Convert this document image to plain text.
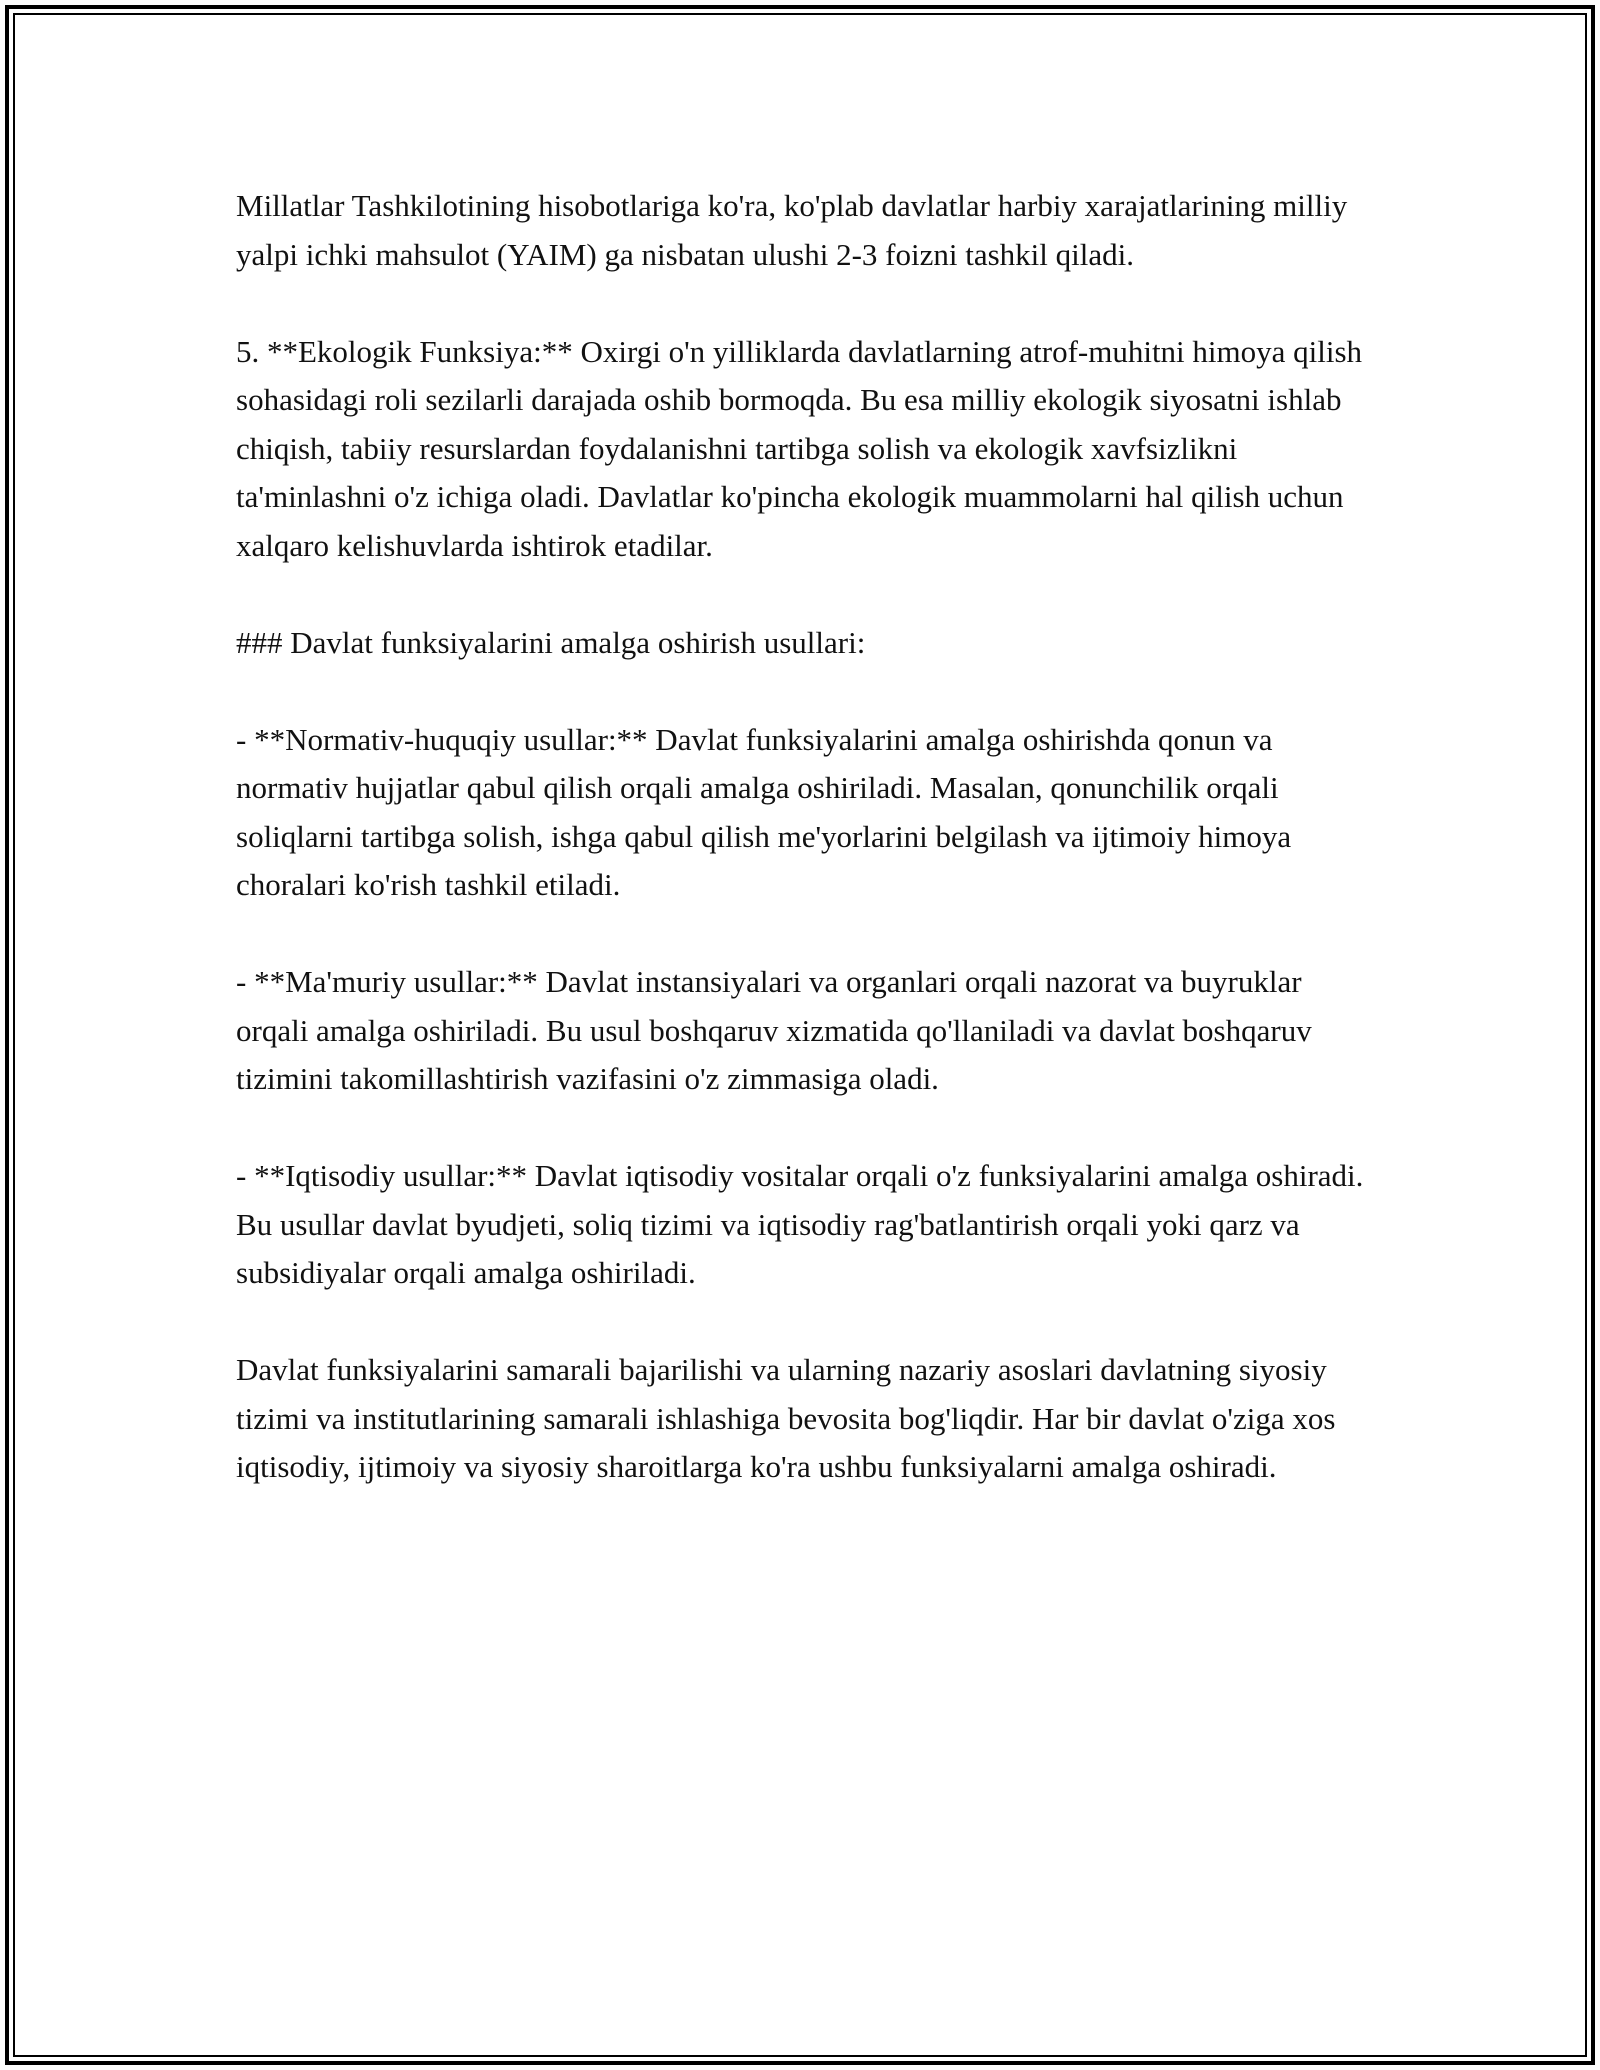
Millatlar Tashkilotining hisobotlariga ko'ra, ko'plab davlatlar harbiy xarajatlarining milliy yalpi ichki mahsulot (YAIM) ga nisbatan ulushi 2-3 foizni tashkil qiladi.

5. **Ekologik Funksiya:** Oxirgi o'n yilliklarda davlatlarning atrof-muhitni himoya qilish sohasidagi roli sezilarli darajada oshib bormoqda. Bu esa milliy ekologik siyosatni ishlab chiqish, tabiiy resurslardan foydalanishni tartibga solish va ekologik xavfsizlikni ta'minlashni o'z ichiga oladi. Davlatlar ko'pincha ekologik muammolarni hal qilish uchun xalqaro kelishuvlarda ishtirok etadilar.

### Davlat funksiyalarini amalga oshirish usullari:

- **Normativ-huquqiy usullar:** Davlat funksiyalarini amalga oshirishda qonun va normativ hujjatlar qabul qilish orqali amalga oshiriladi. Masalan, qonunchilik orqali soliqlarni tartibga solish, ishga qabul qilish me'yorlarini belgilash va ijtimoiy himoya choralari ko'rish tashkil etiladi.

- **Ma'muriy usullar:** Davlat instansiyalari va organlari orqali nazorat va buyruklar orqali amalga oshiriladi. Bu usul boshqaruv xizmatida qo'llaniladi va davlat boshqaruv tizimini takomillashtirish vazifasini o'z zimmasiga oladi.

- **Iqtisodiy usullar:** Davlat iqtisodiy vositalar orqali o'z funksiyalarini amalga oshiradi. Bu usullar davlat byudjeti, soliq tizimi va iqtisodiy rag'batlantirish orqali yoki qarz va subsidiyalar orqali amalga oshiriladi.

Davlat funksiyalarini samarali bajarilishi va ularning nazariy asoslari davlatning siyosiy tizimi va institutlarining samarali ishlashiga bevosita bog'liqdir. Har bir davlat o'ziga xos iqtisodiy, ijtimoiy va siyosiy sharoitlarga ko'ra ushbu funksiyalarni amalga oshiradi.
